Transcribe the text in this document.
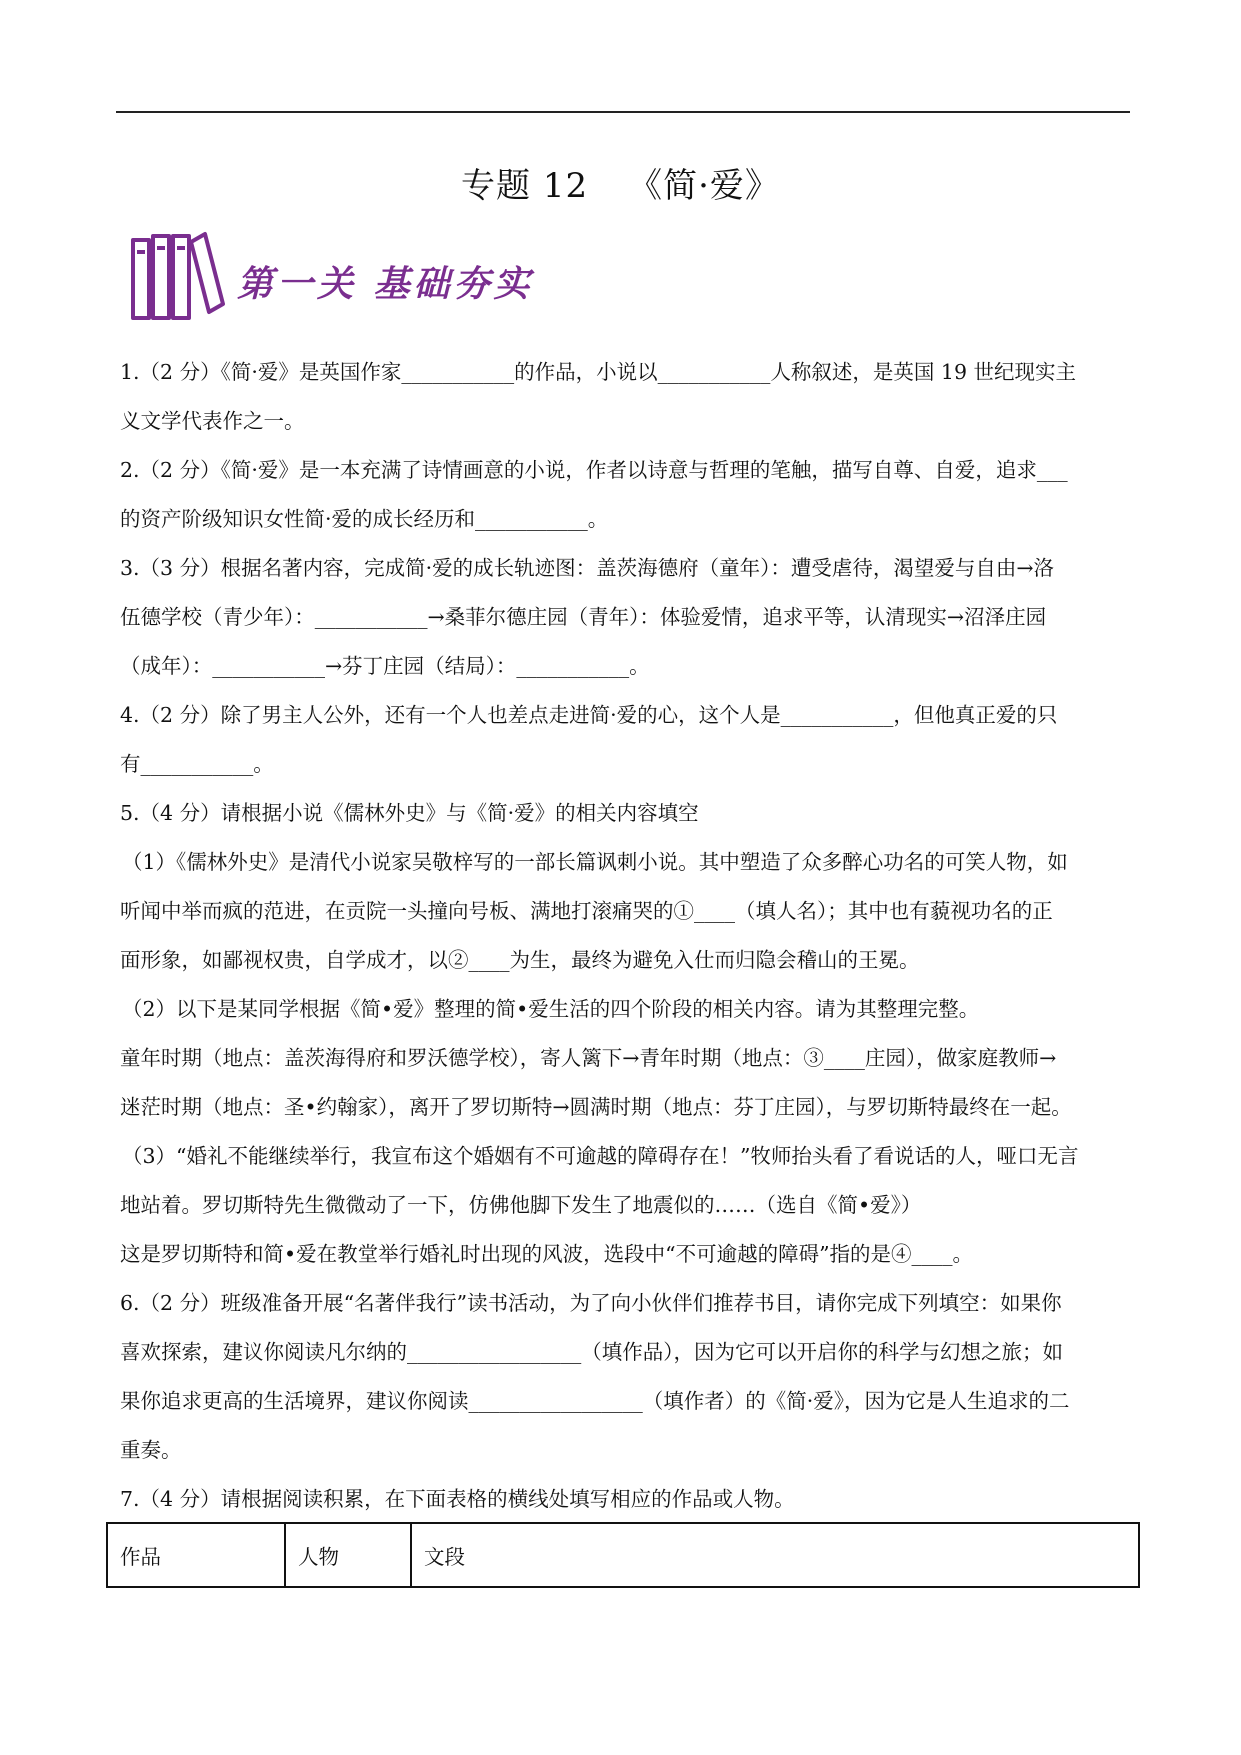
专题 12 《简·爱》
第一关 基础夯实

1.（2 分）《简·爱》是英国作家___________的作品，小说以___________人称叙述，是英国 19 世纪现实主

义文学代表作之一。

2.（2 分）《简·爱》是一本充满了诗情画意的小说，作者以诗意与哲理的笔触，描写自尊、自爱，追求___

的资产阶级知识女性简·爱的成长经历和___________。

3.（3 分）根据名著内容，完成简·爱的成长轨迹图：盖茨海德府（童年）：遭受虐待，渴望爱与自由→洛

伍德学校（青少年）：___________→桑菲尔德庄园（青年）：体验爱情，追求平等，认清现实→沼泽庄园

（成年）：___________→芬丁庄园（结局）：___________。

4.（2 分）除了男主人公外，还有一个人也差点走进简·爱的心，这个人是___________，但他真正爱的只

有___________。

5.（4 分）请根据小说《儒林外史》与《简·爱》的相关内容填空

（1）《儒林外史》是清代小说家吴敬梓写的一部长篇讽刺小说。其中塑造了众多醉心功名的可笑人物，如

听闻中举而疯的范进，在贡院一头撞向号板、满地打滚痛哭的①____（填人名）；其中也有藐视功名的正

面形象，如鄙视权贵，自学成才，以②____为生，最终为避免入仕而归隐会稽山的王冕。

（2）以下是某同学根据《简•爱》整理的简•爱生活的四个阶段的相关内容。请为其整理完整。

童年时期（地点：盖茨海得府和罗沃德学校），寄人篱下→青年时期（地点：③____庄园），做家庭教师→

迷茫时期（地点：圣•约翰家），离开了罗切斯特→圆满时期（地点：芬丁庄园），与罗切斯特最终在一起。

（3）“婚礼不能继续举行，我宣布这个婚姻有不可逾越的障碍存在！”牧师抬头看了看说话的人，哑口无言

地站着。罗切斯特先生微微动了一下，仿佛他脚下发生了地震似的……（选自《简•爱》）

这是罗切斯特和简•爱在教堂举行婚礼时出现的风波，选段中“不可逾越的障碍”指的是④____。

6.（2 分）班级准备开展“名著伴我行”读书活动，为了向小伙伴们推荐书目，请你完成下列填空：如果你

喜欢探索，建议你阅读凡尔纳的_________________（填作品），因为它可以开启你的科学与幻想之旅；如

果你追求更高的生活境界，建议你阅读_________________（填作者）的《简·爱》，因为它是人生追求的二

重奏。

7.（4 分）请根据阅读积累，在下面表格的横线处填写相应的作品或人物。

作品	人物	文段
